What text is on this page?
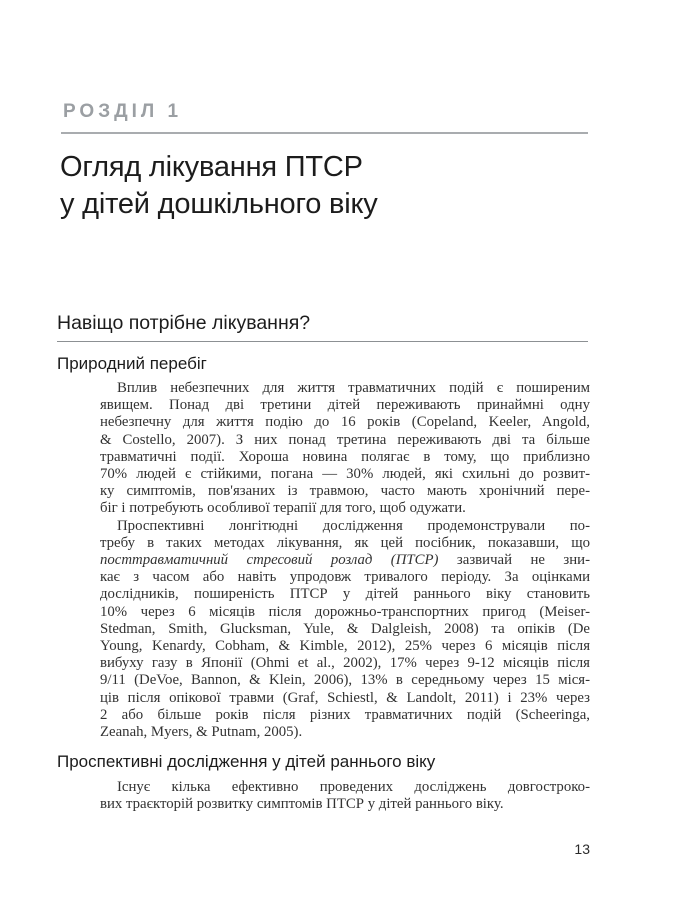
РОЗДІЛ 1
Огляд лікування ПТСР
у дітей дошкільного віку
Навіщо потрібне лікування?
Природний перебіг
Вплив небезпечних для життя травматичних подій є поширеним
явищем. Понад дві третини дітей переживають принаймні одну
небезпечну для життя подію до 16 років (Copeland, Keeler, Angold,
& Costello, 2007). З них понад третина переживають дві та більше
травматичні події. Хороша новина полягає в тому, що приблизно
70% людей є стійкими, погана — 30% людей, які схильні до розвит-
ку симптомів, пов'язаних із травмою, часто мають хронічний пере-
біг і потребують особливої терапії для того, щоб одужати.
Проспективні лонгітюдні дослідження продемонстрували по-
требу в таких методах лікування, як цей посібник, показавши, що
посттравматичний стресовий розлад (ПТСР) зазвичай не зни-
кає з часом або навіть упродовж тривалого періоду. За оцінками
дослідників, поширеність ПТСР у дітей раннього віку становить
10% через 6 місяців після дорожньо-транспортних пригод (Meiser-
Stedman, Smith, Glucksman, Yule, & Dalgleish, 2008) та опіків (De
Young, Kenardy, Cobham, & Kimble, 2012), 25% через 6 місяців після
вибуху газу в Японії (Ohmi et al., 2002), 17% через 9-12 місяців після
9/11 (DeVoe, Bannon, & Klein, 2006), 13% в середньому через 15 міся-
ців після опікової травми (Graf, Schiestl, & Landolt, 2011) і 23% через
2 або більше років після різних травматичних подій (Scheeringa,
Zeanah, Myers, & Putnam, 2005).
Проспективні дослідження у дітей раннього віку
Існує кілька ефективно проведених досліджень довгостроко-
вих траєкторій розвитку симптомів ПТСР у дітей раннього віку.
13
